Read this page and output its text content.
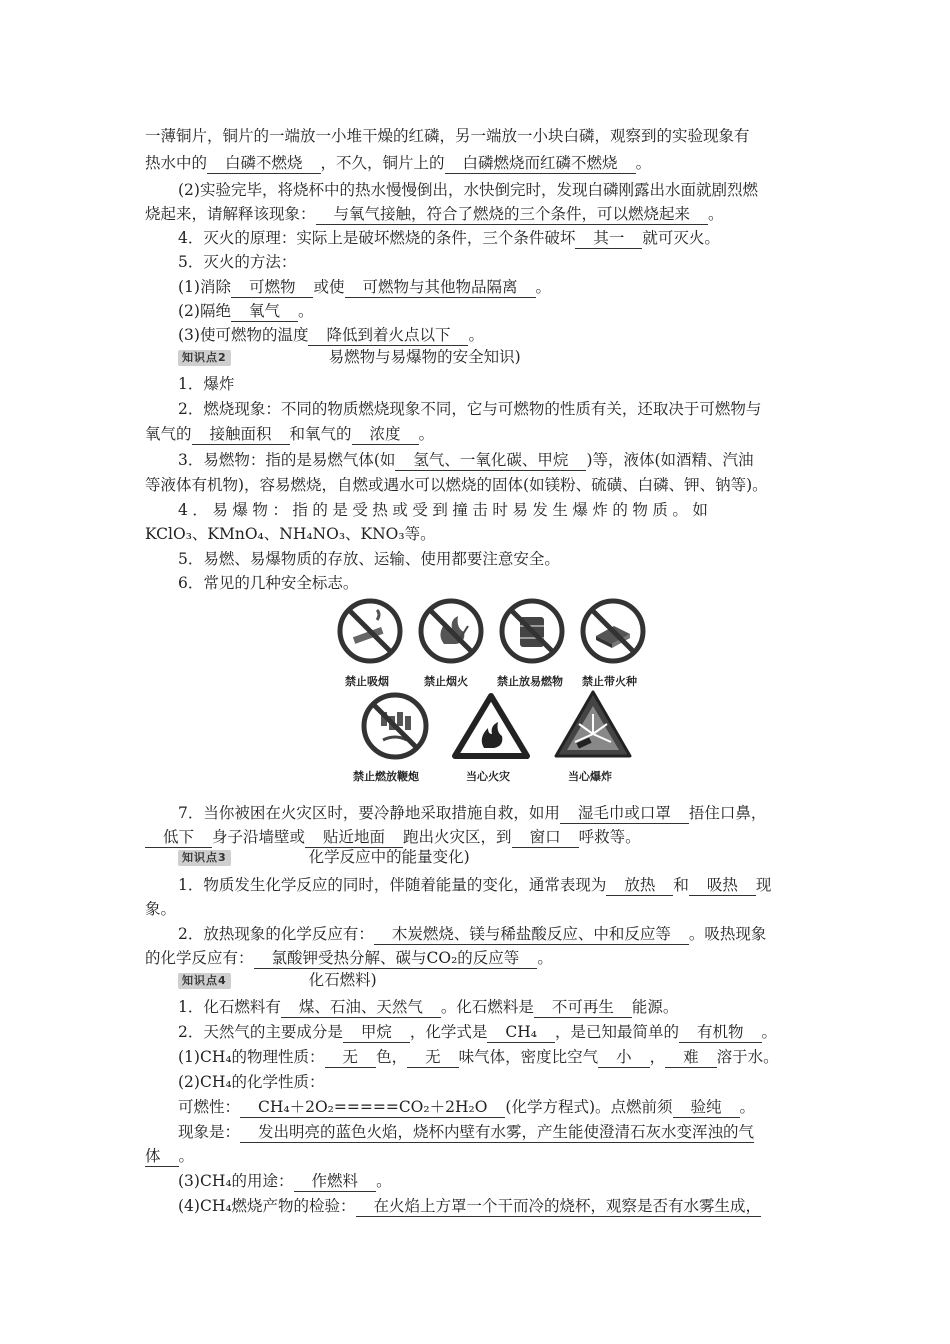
一薄铜片，铜片的一端放一小堆干燥的红磷，另一端放一小块白磷，观察到的实验现象有
热水中的 白磷不燃烧 ，不久，铜片上的 白磷燃烧而红磷不燃烧 。
(2)实验完毕，将烧杯中的热水慢慢倒出，水快倒完时，发现白磷刚露出水面就剧烈燃
烧起来，请解释该现象： 与氧气接触，符合了燃烧的三个条件，可以燃烧起来 。
4．灭火的原理：实际上是破坏燃烧的条件，三个条件破坏 其一 就可灭火。
5．灭火的方法：
(1)消除 可燃物 或使 可燃物与其他物品隔离 。
(2)隔绝 氧气 。
(3)使可燃物的温度 降低到着火点以下 。
知识点2	易燃物与易爆物的安全知识)
1．爆炸
2．燃烧现象：不同的物质燃烧现象不同，它与可燃物的性质有关，还取决于可燃物与
氧气的 接触面积 和氧气的 浓度 。
3．易燃物：指的是易燃气体(如 氢气、一氧化碳、甲烷 )等，液体(如酒精、汽油
等液体有机物)，容易燃烧，自燃或遇水可以燃烧的固体(如镁粉、硫磺、白磷、钾、钠等)。
4．易爆物：指的是受热或受到撞击时易发生爆炸的物质。如
KClO₃、KMnO₄、NH₄NO₃、KNO₃等。
5．易燃、易爆物质的存放、运输、使用都要注意安全。
6．常见的几种安全标志。
禁止吸烟	禁止烟火	禁止放易燃物 禁止带火种
禁止燃放鞭炮	当心火灾	当心爆炸
7．当你被困在火灾区时，要冷静地采取措施自救，如用 湿毛巾或口罩 捂住口鼻，
低下 身子沿墙壁或 贴近地面 跑出火灾区，到 窗口 呼救等。
知识点3	化学反应中的能量变化)
1．物质发生化学反应的同时，伴随着能量的变化，通常表现为 放热 和 吸热 现
象。
2．放热现象的化学反应有： 木炭燃烧、镁与稀盐酸反应、中和反应等 。吸热现象
的化学反应有： 氯酸钾受热分解、碳与CO₂的反应等 。
知识点4	化石燃料)
1．化石燃料有 煤、石油、天然气 。化石燃料是 不可再生 能源。
2．天然气的主要成分是 甲烷 ，化学式是 CH₄ ，是已知最简单的 有机物 。
(1)CH₄的物理性质： 无 色， 无 味气体，密度比空气 小 ， 难 溶于水。
(2)CH₄的化学性质：
可燃性： CH₄＋2O₂=====CO₂＋2H₂O (化学方程式)。点燃前须 验纯 。
现象是： 发出明亮的蓝色火焰，烧杯内壁有水雾，产生能使澄清石灰水变浑浊的气
体 。
(3)CH₄的用途： 作燃料 。
(4)CH₄燃烧产物的检验： 在火焰上方罩一个干而冷的烧杯，观察是否有水雾生成，
